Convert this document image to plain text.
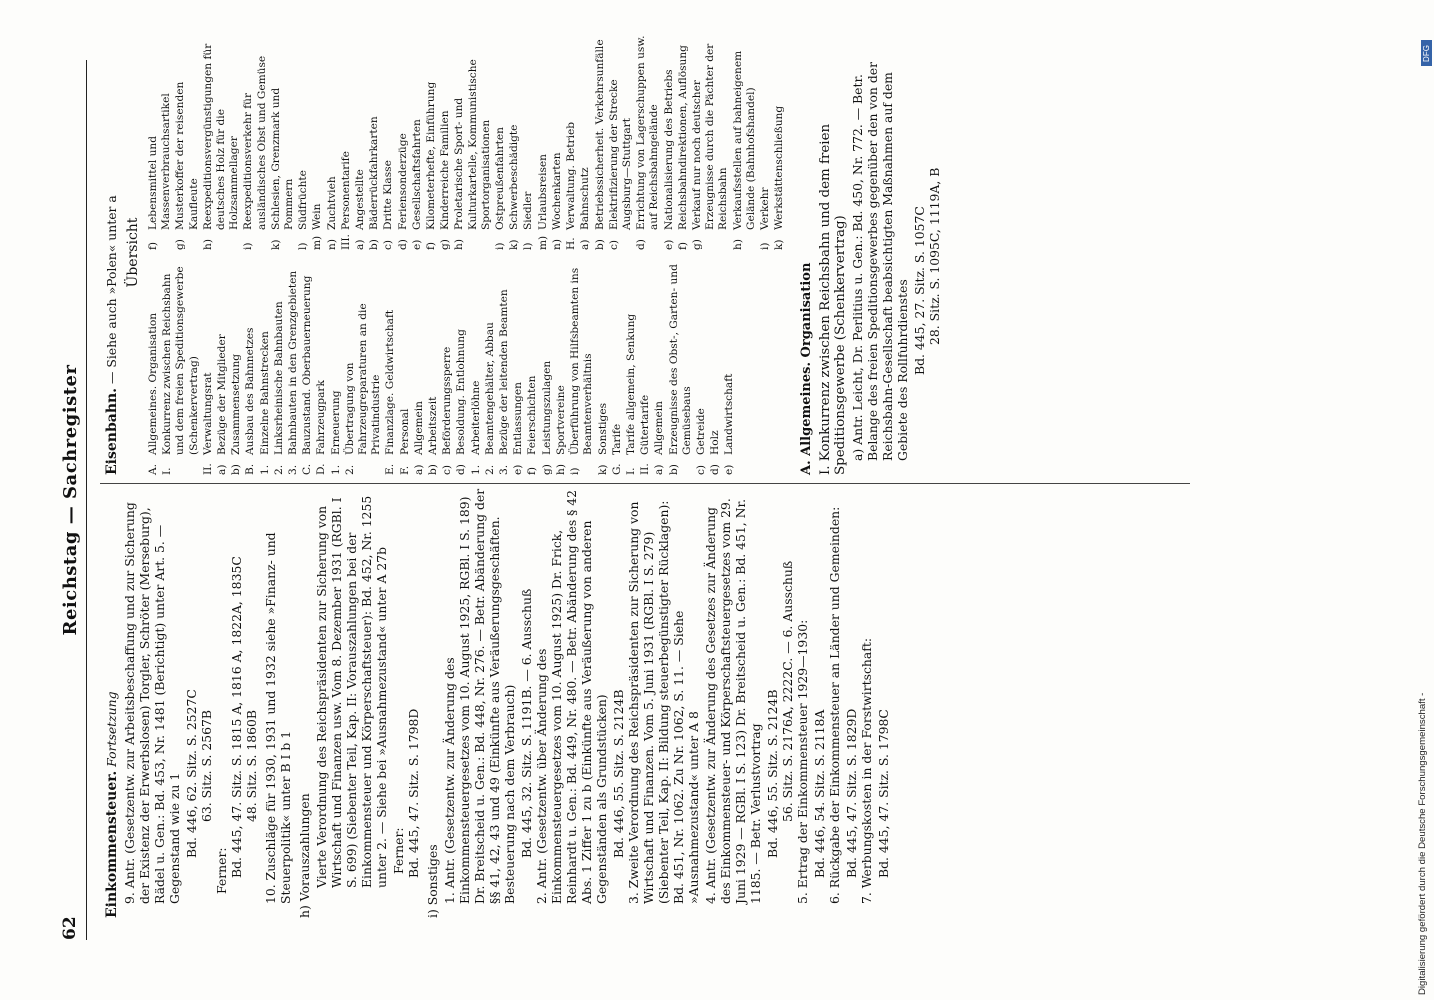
62
Reichstag — Sachregister
Einkommensteuer. Fortsetzung 9. Antr. (Gesetzentw. zur Arbeitsbeschaffung und zur Sicherung der Existenz der Erwerbslosen) Torgler, Schröter (Merseburg), Rädel u. Gen.: Bd. 453, Nr. 1481 (Berichtigt) unter Art. 5. — Gegenstand wie zu 1 Bd. 446, 62. Sitz. S. 2527C 63. Sitz. S. 2567B
Ferner: Bd. 445, 47. Sitz. S. 1815 A, 1816 A, 1822A, 1835C 48. Sitz. S. 1860B 10. Zuschläge für 1930, 1931 und 1932 siehe »Finanz- und Steuerpolitik« unter B I b 1 h) Vorauszahlungen Vierte Verordnung des Reichspräsidenten zur Sicherung von Wirtschaft und Finanzen usw. Vom 8. Dezember 1931 (RGBl. I S. 699) (Siebenter Teil, Kap. II: Vorauszahlungen bei der Einkommensteuer und Körperschaftsteuer): Bd. 452, Nr. 1255 unter 2. — Siehe bei »Ausnahmezustand« unter A 27b Ferner: Bd. 445, 47. Sitz. S. 1798D
i) Sonstiges 1. Antr. (Gesetzentw. zur Änderung des Einkommensteuergesetzes vom 10. August 1925, RGBl. I S. 189) Dr. Breitscheid u. Gen.: Bd. 448, Nr. 276. — Betr. Abänderung der §§ 41, 42, 43 und 49 (Einkünfte aus Veräußerungsgeschäften. Besteuerung nach dem Verbrauch) Bd. 445, 32. Sitz. S. 1191B. — 6. Ausschuß 2. Antr. (Gesetzentw. über Änderung des Einkommensteuergesetzes vom 10. August 1925) Dr. Frick, Reinhardt u. Gen.: Bd. 449, Nr. 480. — Betr. Abänderung des § 42 Abs. 1 Ziffer 1 zu b (Einkünfte aus Veräußerung von anderen Gegenständen als Grundstücken) Bd. 446, 55. Sitz. S. 2124B 3. Zweite Verordnung des Reichspräsidenten zur Sicherung von Wirtschaft und Finanzen. Vom 5. Juni 1931 (RGBl. I S. 279) (Siebenter Teil, Kap. II: Bildung steuerbegünstigter Rücklagen): Bd. 451, Nr. 1062. Zu Nr. 1062, S. 11. — Siehe »Ausnahmezustand« unter A 8 4. Antr. (Gesetzentw. zur Änderung des Gesetzes zur Änderung des Einkommensteuer- und Körperschaftsteuergesetzes vom 29. Juni 1929 — RGBl. I S. 123) Dr. Breitscheid u. Gen.: Bd. 451, Nr. 1185. — Betr. Verlustvortrag Bd. 446, 55. Sitz. S. 2124B 56. Sitz. S. 2176A, 2222C. — 6. Ausschuß 5. Ertrag der Einkommensteuer 1929—1930: Bd. 446, 54. Sitz. S. 2118A 6. Rückgabe der Einkommensteuer an Länder und Gemeinden: Bd. 445, 47. Sitz. S. 1829D 7. Werbungskosten in der Forstwirtschaft: Bd. 445, 47. Sitz. S. 1798C
Eisenbahn. — Siehe auch »Polen« unter a Übersicht
A.
Allgemeines. Organisation
I.
Konkurrenz zwischen Reichsbahn und dem freien Speditionsgewerbe (Schenkervertrag)
II.
Verwaltungsrat
a)
Bezüge der Mitglieder
b)
Zusammensetzung
B.
Ausbau des Bahnnetzes
1.
Einzelne Bahnstrecken
2.
Linksrheinische Bahnbauten
3.
Bahnbauten in den Grenzgebieten
C.
Bauzustand. Oberbauerneuerung
D.
Fahrzeugpark
1.
Erneuerung
2.
Übertragung von Fahrzeugreparaturen an die Privatindustrie
E.
Finanzlage. Geldwirtschaft
F.
Personal
a)
Allgemein
b)
Arbeitszeit
c)
Beförderungssperre
d)
Besoldung. Entlohnung
1.
Arbeiterlöhne
2.
Beamtengehälter, Abbau
3.
Bezüge der leitenden Beamten
e)
Entlassungen
f)
Feierschichten
g)
Leistungszulagen
h)
Sportvereine
i)
Überführung von Hilfsbeamten ins Beamtenverhältnis
k)
Sonstiges
G.
Tarife
I.
Tarife allgemein, Senkung
II.
Gütertarife
a)
Allgemein
b)
Erzeugnisse des Obst-, Garten- und Gemüsebaus
c)
Getreide
d)
Holz
e)
Landwirtschaft
f)
Lebensmittel und Massenverbrauchsartikel
g)
Musterkoffer der reisenden Kaufleute
h)
Reexpeditionsvergünstigungen für deutsches Holz für die Holzsammellager
i)
Reexpeditionsverkehr für ausländisches Obst und Gemüse
k)
Schlesien, Grenzmark und Pommern
l)
Südfrüchte
m)
Wein
n)
Zuchtvieh
III.
Personentarife
a)
Angestellte
b)
Bäderrückfahrkarten
c)
Dritte Klasse
d)
Feriensonderzüge
e)
Gesellschaftsfahrten
f)
Kilometerhefte, Einführung
g)
Kinderreiche Familien
h)
Proletarische Sport- und Kulturkartelle, Kommunistische Sportorganisationen
i)
Ostpreußenfahrten
k)
Schwerbeschädigte
l)
Siedler
m)
Urlaubsreisen
n)
Wochenkarten
H.
Verwaltung. Betrieb
a)
Bahnschutz
b)
Betriebssicherheit. Verkehrsunfälle
c)
Elektrifizierung der Strecke Augsburg—Stuttgart
d)
Errichtung von Lagerschuppen usw. auf Reichsbahngelände
e)
Nationalisierung des Betriebs
f)
Reichsbahndirektionen, Auflösung
g)
Verkauf nur noch deutscher Erzeugnisse durch die Pächter der Reichsbahn
h)
Verkaufsstellen auf bahneigenem Gelände (Bahnhofshandel)
i)
Verkehr
k)
Werkstättenschließung
A. Allgemeines. Organisation I. Konkurrenz zwischen Reichsbahn und dem freien Speditionsgewerbe (Schenkervertrag) a) Antr. Leicht, Dr. Perlitius u. Gen.: Bd. 450, Nr. 772. — Betr. Belange des freien Speditionsgewerbes gegenüber den von der Reichsbahn-Gesellschaft beabsichtigten Maßnahmen auf dem Gebiete des Rollfuhrdienstes Bd. 445, 27. Sitz. S. 1057C 28. Sitz. S. 1095C, 1119A, B
DFG
Digitalisierung gefördert durch die Deutsche Forschungsgemeinschaft -
